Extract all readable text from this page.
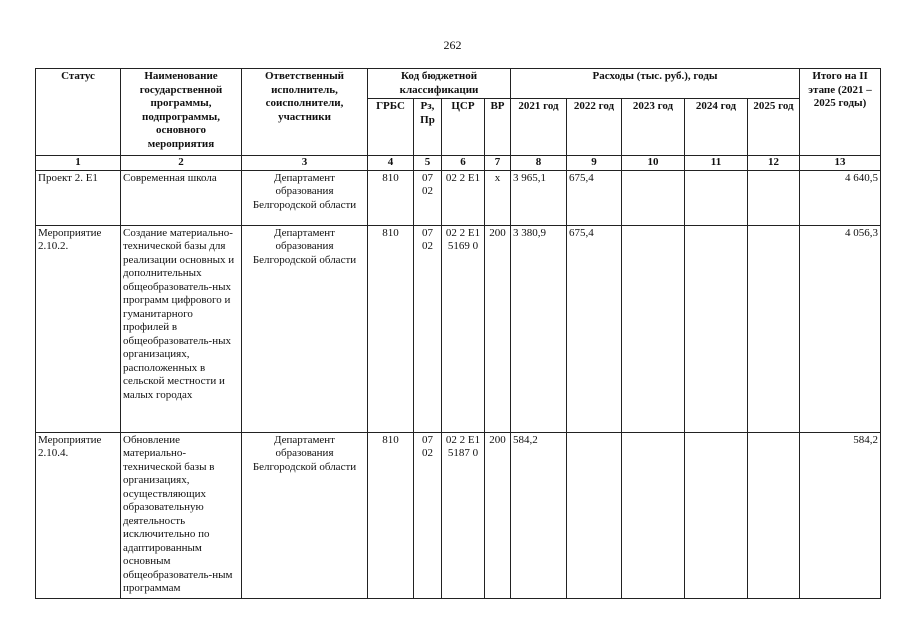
262
Статус	Наименование государственной программы, подпрограммы, основного мероприятия	Ответственный исполнитель, соисполнители, участники	Код бюджетной классификации				Расходы (тыс. руб.), годы					Итого на II этапе (2021 – 2025 годы)
			ГРБС	Рз, Пр	ЦСР	ВР	2021 год	2022 год	2023 год	2024 год	2025 год	
1	2	3	4	5	6	7	8	9	10	11	12	13
Проект 2. Е1	Современная школа	Департамент образования Белгородской области	810	07 02	02 2 Е1	х	3 965,1	675,4				4 640,5
Мероприятие 2.10.2.	Создание материально-технической базы для реализации основных и дополнительных общеобразователь-ных программ цифрового и гуманитарного профилей в общеобразователь-ных организациях, расположенных в сельской местности и малых городах	Департамент образования Белгородской области	810	07 02	02 2 Е1 5169 0	200	3 380,9	675,4				4 056,3
Мероприятие 2.10.4.	Обновление материально-технической базы в организациях, осуществляющих образовательную деятельность исключительно по адаптированным основным общеобразователь-ным программам	Департамент образования Белгородской области	810	07 02	02 2 Е1 5187 0	200	584,2					584,2
